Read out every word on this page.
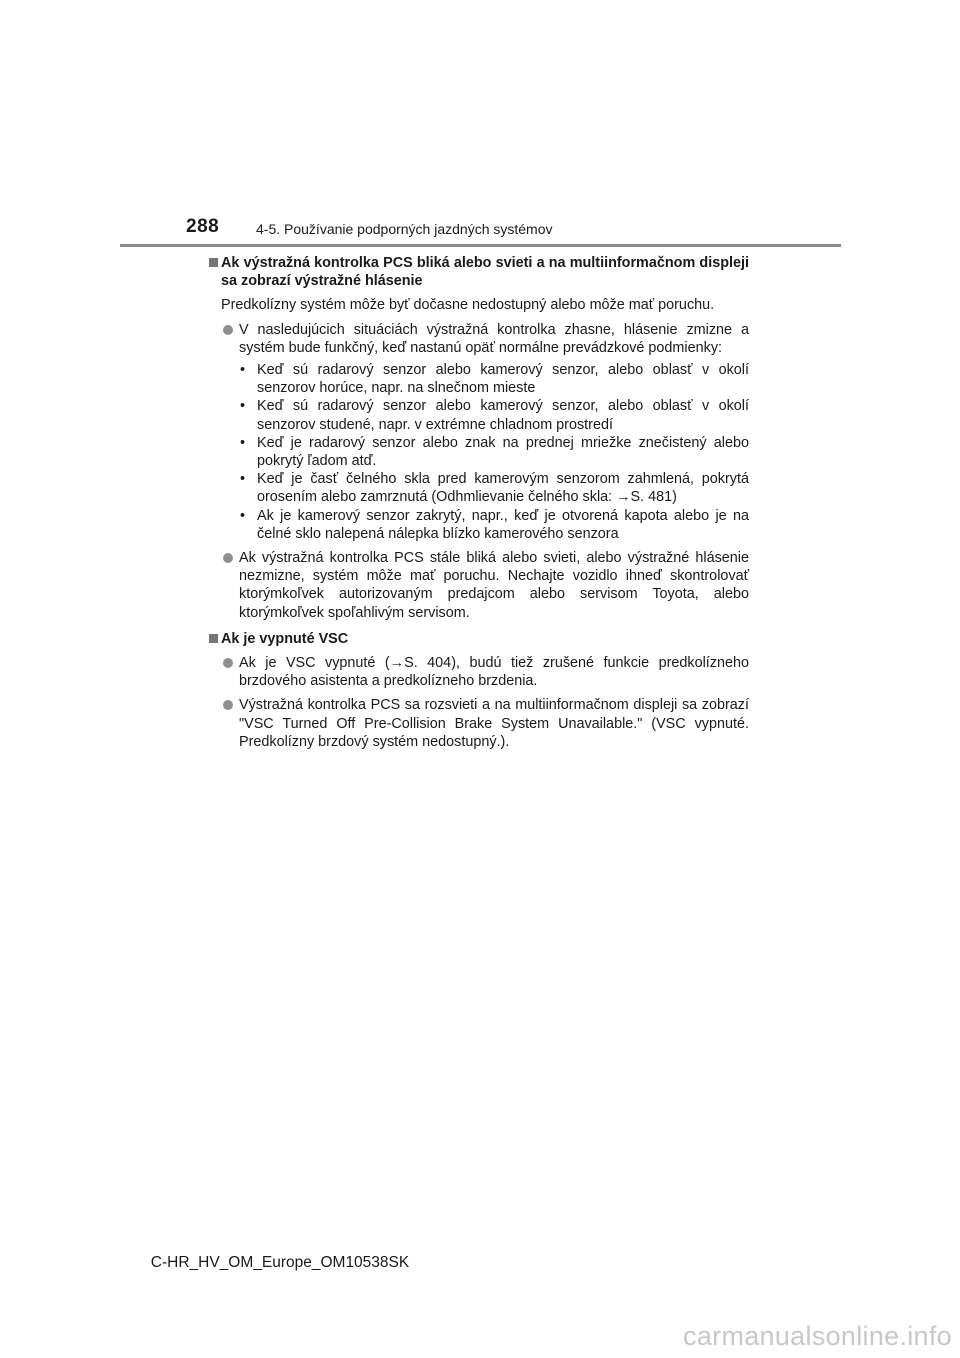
288	4-5. Používanie podporných jazdných systémov
Ak výstražná kontrolka PCS bliká alebo svieti a na multiinformačnom displeji sa zobrazí výstražné hlásenie
Predkolízny systém môže byť dočasne nedostupný alebo môže mať poruchu.
V nasledujúcich situáciách výstražná kontrolka zhasne, hlásenie zmizne a systém bude funkčný, keď nastanú opäť normálne prevádzkové podmienky:
• Keď sú radarový senzor alebo kamerový senzor, alebo oblasť v okolí senzorov horúce, napr. na slnečnom mieste
• Keď sú radarový senzor alebo kamerový senzor, alebo oblasť v okolí senzorov studené, napr. v extrémne chladnom prostredí
• Keď je radarový senzor alebo znak na prednej mriežke znečistený alebo pokrytý ľadom atď.
• Keď je časť čelného skla pred kamerovým senzorom zahmlená, pokrytá orosením alebo zamrznutá (Odhmlievanie čelného skla: →S. 481)
• Ak je kamerový senzor zakrytý, napr., keď je otvorená kapota alebo je na čelné sklo nalepená nálepka blízko kamerového senzora
Ak výstražná kontrolka PCS stále bliká alebo svieti, alebo výstražné hlásenie nezmizne, systém môže mať poruchu. Nechajte vozidlo ihneď skontrolovať ktorýmkoľvek autorizovaným predajcom alebo servisom Toyota, alebo ktorýmkoľvek spoľahlivým servisom.
Ak je vypnuté VSC
Ak je VSC vypnuté (→S. 404), budú tiež zrušené funkcie predkolízneho brzdového asistenta a predkolízneho brzdenia.
Výstražná kontrolka PCS sa rozsvieti a na multiinformačnom displeji sa zobrazí "VSC Turned Off Pre-Collision Brake System Unavailable." (VSC vypnuté. Predkolízny brzdový systém nedostupný.).
C-HR_HV_OM_Europe_OM10538SK
carmanualsonline.info
